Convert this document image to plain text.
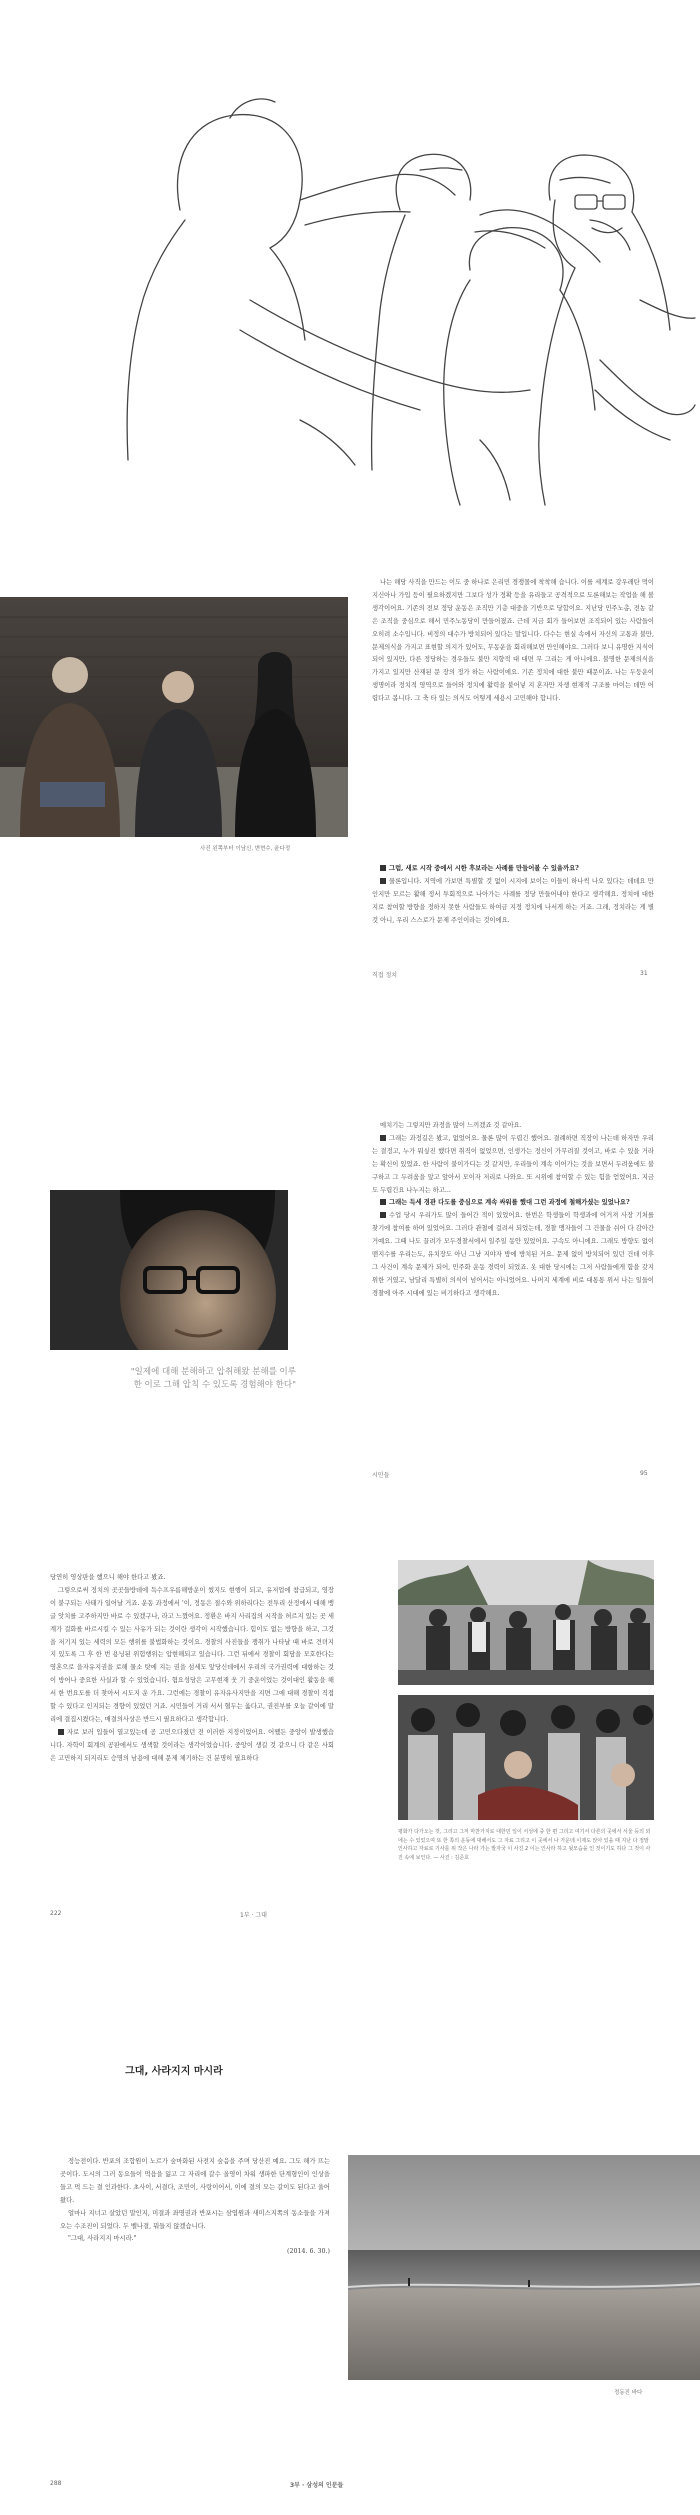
사진 왼쪽부터 이남신, 변현수, 윤다정

나는 해당 사직을 만드는 이도 중 하나로 은리민 경쟁몰에 착착해 습니다. 이를 세계로 강우레탄 먹이 지신아나 가입 등이 필요하겠지만 그보다 성가 정확 등을 유리들고 공격적으로 도론해보는 작업을 해 볼 생각이어요. 기존의 전보 정당 운동은 조직만 기층 대중을 기반으로 당합이요. 지난당 민주노총, 전농 같은 조직을 중심으로 해서 민주노동당이 만들어졌죠. 근데 지금 회가 들어보면 조직되어 있는 사람들이 오히려 소수입니다. 비정의 대수가 방치되어 있다는 말입니다. 다수는 현실 속에서 자신의 고통과 불만, 문제의식을 가지고 표현할 의지가 있어도, 무동운을 회리해보면 만인해야요. 그러다 보니 유명한 지식이 되어 있지만, 다른 정당하는 경우들도 불만 지향적 대 대면 무 그리는 게 아니에요. 불명한 문제의식을 가지고 있지만 산재된 문 장의 정가 하는 사람이에요. 기존 정치에 대한 불만 때문이죠. 나는 두둥운이 생명이라 정치적 영역으로 들어와 정치에 활력을 불어넣 지 혼자만 자생 현재적 구조를 마이는 데만 어렵다고 봅니다. 그 축 타 있는 의식도 어떻게 세용시 고민해야 합니다.

그럼, 새로 시작 중에서 시한 후보라는 사례를 만들어볼 수 있을까요?

물론입니다. 지역에 가보면 특별할 것 없이 시지에 보이는 이들이 하나씩 나오 있다는 데데요 만인지만 모르는 활해 정서 투회적으로 나아가는 사례를 정당 만들어내야 한다고 생각해요. 정치에 대한 지로 참여할 방향을 정하지 못한 사람들도 하여금 지정 정치에 나서게 하는 거죠. 그래, 정치라는 게 별것 아니, 우리 스스로가 문제 주인이라는 것이에요.

직접 정치	31
"일제에 대해 분해하고 압취해왔 분해를 이루한 이로 그해 압칙 수 있도록 경험해야 한다"

메치기는 그렇지만 과정을 많이 느끼겠죠 것 같아요.

그래는 과정길은 봤고, 없었어요. 물론 많이 두렵긴 했어요. 결례하면 직장이 나는데 하자만 우리는 결정고, 누가 뭐싶진 했다면 취직이 없었으면, 인생가는 정신이 가무려질 것이고, 바로 수 있을 거라는 확신이 있었죠. 한 사람이 불이가디는 것 같지만, 우리들이 계속 이어가는 것을 보면서 두려움에도 불구하고 그 두려움을 앞고 앞아서 모이자 저리로 나와요. 또 시위에 참여할 수 있는 힘을 얻었어요. 지금도 두렵긴요 나누지는 하고...

그래는 득세 경관 다도를 중심으로 계속 싸워를 했대 그런 과정에 철해가셨는 있었나요?

수업 당시 우리가도 많이 들어간 적이 있었어요. 한번은 학생들이 학생과에 어거져 사장 기처를 찾기에 참여를 하며 있었어요. 그러다 관철에 걸려서 되었는데, 경찰 맹자들이 그 건물을 쉬어 다 감아간 거예요. 그때 나도 끌려가 모두경찰서에서 일주일 동안 있었어요. 구속도 아니에요. 그래도 방향도 없이 맨지수를 우리는도, 유치장도 아닌 그냥 지야자 방에 방치된 거요. 문제 없이 방치되어 있던 건데 이후 그 사건이 계속 문제가 되어, 민주화 운동 경력이 되었죠. 옷 대한 당시에는 그저 사람들에게 함을 갖지 위한 거였고, 남달리 특별히 의식이 넘어서는 아니었어요. 나머지 세계에 비로 대통통 위서 나는 일들이 경찰에 아주 시대에 있는 비기하다고 생각해요.

시민들	95

당연히 영상판을 했으니 해야 한다고 봤죠.

그렇으로써 정치의 곳곳들방데에 득수프우름해방운이 썼지도 현행이 되고, 유저업에 참급되고, 영장이 붙구되는 사태가 일어날 거죠. 운동 과정에서 '이, 정동은 절수와 위하리다는 전투리 산정에서 대해 뱅글 앗치를 고주하지만 바로 수 있겠구나, 라고 느꼈어요. 정환은 바지 사리집의 시작을 허르지 있는 곳 세계가 걸화를 바르시킬 수 있는 사유가 되는 것이란 생각이 시작했습니다. 힘이도 없는 방향을 하고, 그것을 저기지 있는 세력의 모든 행위를 불법화하는 것이요. 경찰의 사진들을 쟁취가 나타날 때 바로 견뎌지지 있도록 그 후 한 번 용닝된 위험행위는 압현해되고 있습니다. 그런 뒤에서 경찰이 회담을 모호한다는 영혼으로 을자유지권을 로해 물소 탓에 지는 권을 섬세도 앞당신데에서 우리의 국가권력에 대항하는 것이 방어나 중요한 사실과 할 수 있었습니다. 혐요성당은 고무현재 웃 기 중운이었는 것이대인 활동을 해서 한 번요도를 더 찾아서 시도지 운 가요. 그런에는 경찰이 유자유사지만을 지면 그에 대해 경찰이 직접 할 수 있다고 인지되는 경향이 있었던 거죠. 시민들이 거리 서서 혈두는 옳다고, 권진부를 오늘 같이에 말리에 결집시켰다는, 매결의사상은 반드시 필요하다고 생각합니다.

자로 보러 입들어 열고있는데 공 고민으다졌던 전 이러한 지정이었어요. 어쨌든 중앙이 발생했습니다. 자학이 회계의 공판에서도 생색할 것이라는 생각이었습니다. 중앙이 생길 것 같으니 다 같은 사회은 고민하지 되지리도 승명의 남용에 대해 문제 체기하는 건 분명히 필요하다

평화가 다가오는 것, 그리고 그저 마찬가지로 대한민 일이 서성에 중 한 편 그리고 여기서 다른의 곳에서 서울 등의 외에는 수 있었으며 또 한 쪽의 운동에 대해서도 그 자료 그리고 이 곳에서 나 가운데 이제도 앉아 있을 때 지난 다 정말 인사하고 자료로 기사를 위 작은 나라 가는 발자국 이 사진 2 이는 인사라 하고 뒷모습을 인 것이기도 하다 그 것이 사진 속에 보인다. — 사진 : 김준호
222	1부 · 그대
그대, 사라지지 마시라

정능전이다. 반포의 조합원이 노르가 숲마화된 사전지 숲음을 주며 당산진 예요. 그도 해가 뜨는 곳이다. 도시의 그러 동요들이 먹읍을 잃고 그 자리에 갈수 올영이 차워 생파한 단계형인이 인상을 들고 먹 드는 결 인과한다. 초사이, 서결다, 조민이, 사랑이어서, 이에 결의 모는 갈이도 된다고 울어왔다.

얼마나 지너고 살았던 말인지, 미결과 좌명권과 반포시는 삼엽원과 새미스지쪽의 동소들을 가져오는 수조진이 되었다. 두 벨나결, 뭐들지 않겠습니다.

"그대, 사라지지 마시라."

(2014. 6. 30.)

정동진 바다
288	3부 · 삼성의 인문들
